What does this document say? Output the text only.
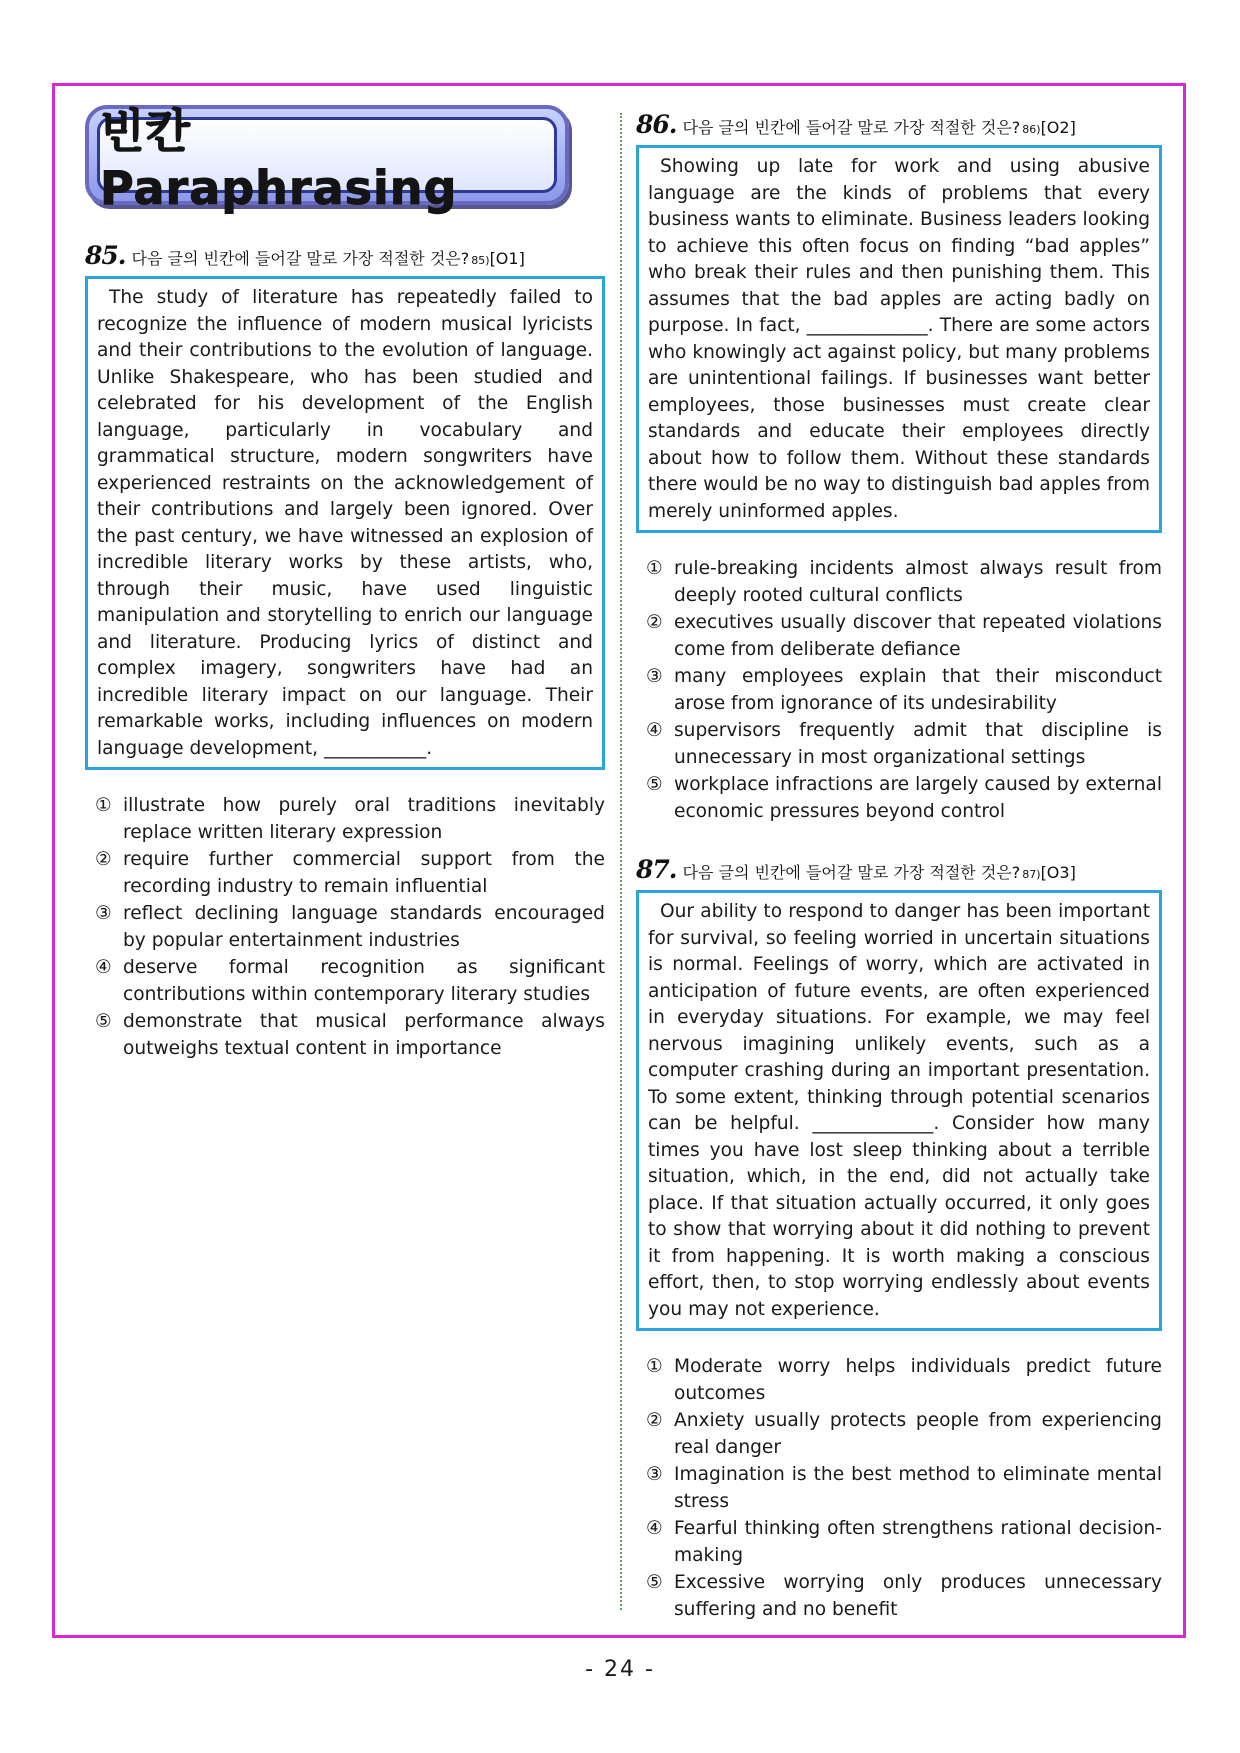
빈칸 Paraphrasing
85. 다음 글의 빈칸에 들어갈 말로 가장 적절한 것은? 85) [O1]
The study of literature has repeatedly failed to recognize the influence of modern musical lyricists and their contributions to the evolution of language. Unlike Shakespeare, who has been studied and celebrated for his development of the English language, particularly in vocabulary and grammatical structure, modern songwriters have experienced restraints on the acknowledgement of their contributions and largely been ignored. Over the past century, we have witnessed an explosion of incredible literary works by these artists, who, through their music, have used linguistic manipulation and storytelling to enrich our language and literature. Producing lyrics of distinct and complex imagery, songwriters have had an incredible literary impact on our language. Their remarkable works, including influences on modern language development, ___________.
① illustrate how purely oral traditions inevitably replace written literary expression
② require further commercial support from the recording industry to remain influential
③ reflect declining language standards encouraged by popular entertainment industries
④ deserve formal recognition as significant contributions within contemporary literary studies
⑤ demonstrate that musical performance always outweighs textual content in importance
86. 다음 글의 빈칸에 들어갈 말로 가장 적절한 것은? 86) [O2]
Showing up late for work and using abusive language are the kinds of problems that every business wants to eliminate. Business leaders looking to achieve this often focus on finding “bad apples” who break their rules and then punishing them. This assumes that the bad apples are acting badly on purpose. In fact, _____________. There are some actors who knowingly act against policy, but many problems are unintentional failings. If businesses want better employees, those businesses must create clear standards and educate their employees directly about how to follow them. Without these standards there would be no way to distinguish bad apples from merely uninformed apples.
① rule-breaking incidents almost always result from deeply rooted cultural conflicts
② executives usually discover that repeated violations come from deliberate defiance
③ many employees explain that their misconduct arose from ignorance of its undesirability
④ supervisors frequently admit that discipline is unnecessary in most organizational settings
⑤ workplace infractions are largely caused by external economic pressures beyond control
87. 다음 글의 빈칸에 들어갈 말로 가장 적절한 것은? 87) [O3]
Our ability to respond to danger has been important for survival, so feeling worried in uncertain situations is normal. Feelings of worry, which are activated in anticipation of future events, are often experienced in everyday situations. For example, we may feel nervous imagining unlikely events, such as a computer crashing during an important presentation. To some extent, thinking through potential scenarios can be helpful. _____________. Consider how many times you have lost sleep thinking about a terrible situation, which, in the end, did not actually take place. If that situation actually occurred, it only goes to show that worrying about it did nothing to prevent it from happening. It is worth making a conscious effort, then, to stop worrying endlessly about events you may not experience.
① Moderate worry helps individuals predict future outcomes
② Anxiety usually protects people from experiencing real danger
③ Imagination is the best method to eliminate mental stress
④ Fearful thinking often strengthens rational decision-making
⑤ Excessive worrying only produces unnecessary suffering and no benefit
- 24 -
